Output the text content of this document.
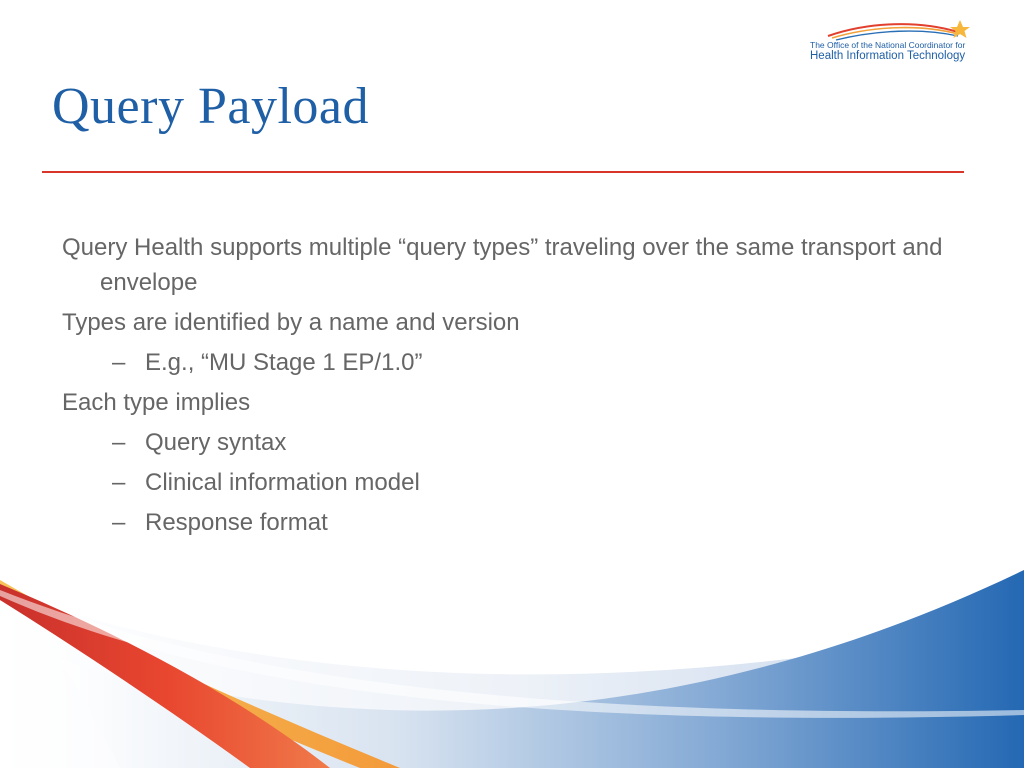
The Office of the National Coordinator for
Health Information Technology
Query Payload

Query Health supports multiple “query types” traveling over the same transport and envelope

Types are identified by a name and version

– E.g., “MU Stage 1 EP/1.0”

Each type implies

– Query syntax
– Clinical information model
– Response format
